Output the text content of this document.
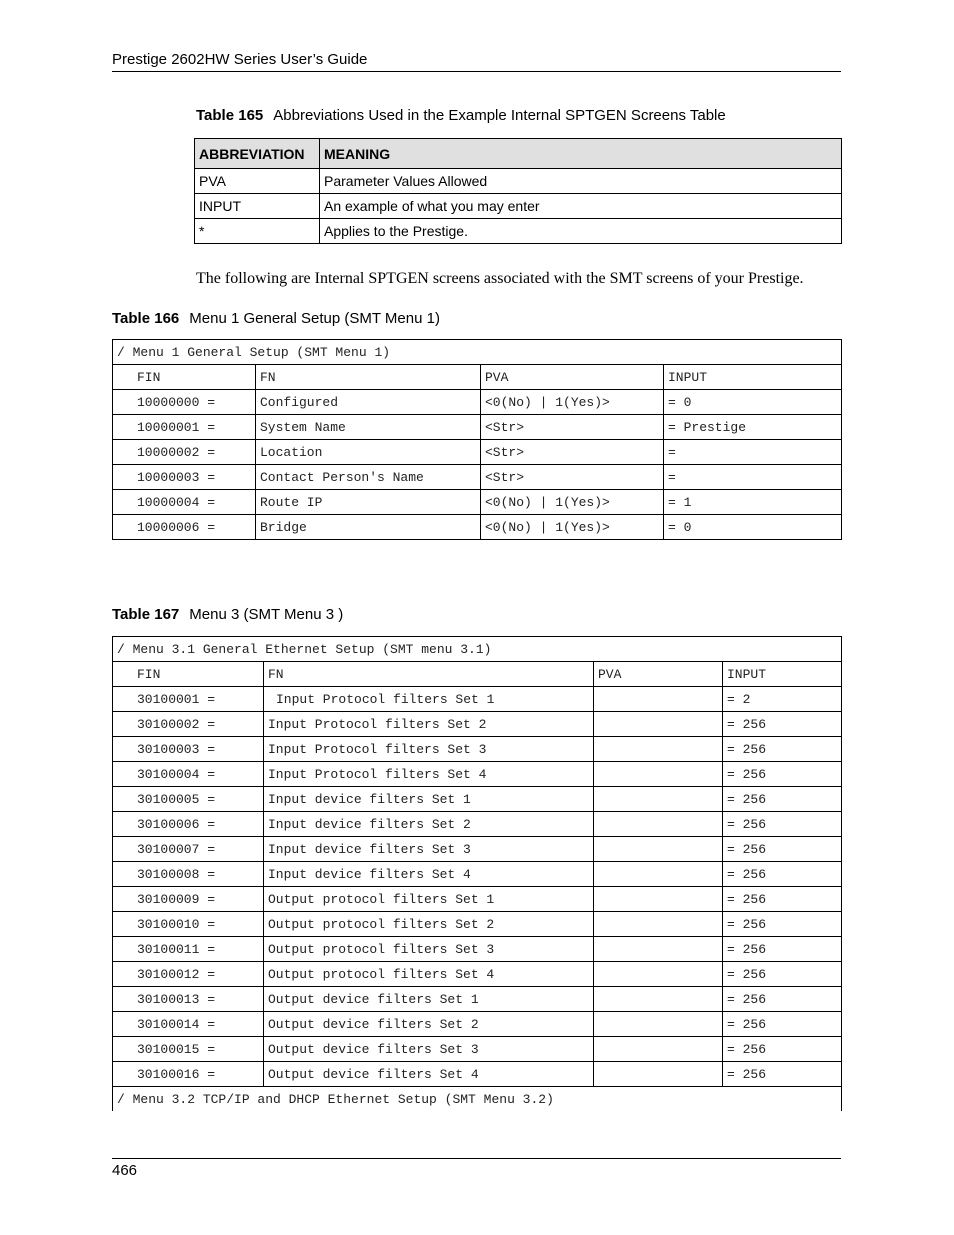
Prestige 2602HW Series User’s Guide
Table 165 Abbreviations Used in the Example Internal SPTGEN Screens Table
ABBREVIATION	MEANING
PVA	Parameter Values Allowed
INPUT	An example of what you may enter
*	Applies to the Prestige.
The following are Internal SPTGEN screens associated with the SMT screens of your Prestige.
Table 166 Menu 1 General Setup (SMT Menu 1)
/ Menu 1 General Setup (SMT Menu 1)			
FIN	FN	PVA	INPUT
10000000 =	Configured	<0(No) | 1(Yes)>	= 0
10000001 =	System Name	<Str>	= Prestige
10000002 =	Location	<Str>	=
10000003 =	Contact Person's Name	<Str>	=
10000004 =	Route IP	<0(No) | 1(Yes)>	= 1
10000006 =	Bridge	<0(No) | 1(Yes)>	= 0
Table 167 Menu 3 (SMT Menu 3 )
/ Menu 3.1 General Ethernet Setup (SMT menu 3.1)			
FIN	FN	PVA	INPUT
30100001 =	Input Protocol filters Set 1		= 2
30100002 =	Input Protocol filters Set 2		= 256
30100003 =	Input Protocol filters Set 3		= 256
30100004 =	Input Protocol filters Set 4		= 256
30100005 =	Input device filters Set 1		= 256
30100006 =	Input device filters Set 2		= 256
30100007 =	Input device filters Set 3		= 256
30100008 =	Input device filters Set 4		= 256
30100009 =	Output protocol filters Set 1		= 256
30100010 =	Output protocol filters Set 2		= 256
30100011 =	Output protocol filters Set 3		= 256
30100012 =	Output protocol filters Set 4		= 256
30100013 =	Output device filters Set 1		= 256
30100014 =	Output device filters Set 2		= 256
30100015 =	Output device filters Set 3		= 256
30100016 =	Output device filters Set 4		= 256
/ Menu 3.2 TCP/IP and DHCP Ethernet Setup (SMT Menu 3.2)			
466
